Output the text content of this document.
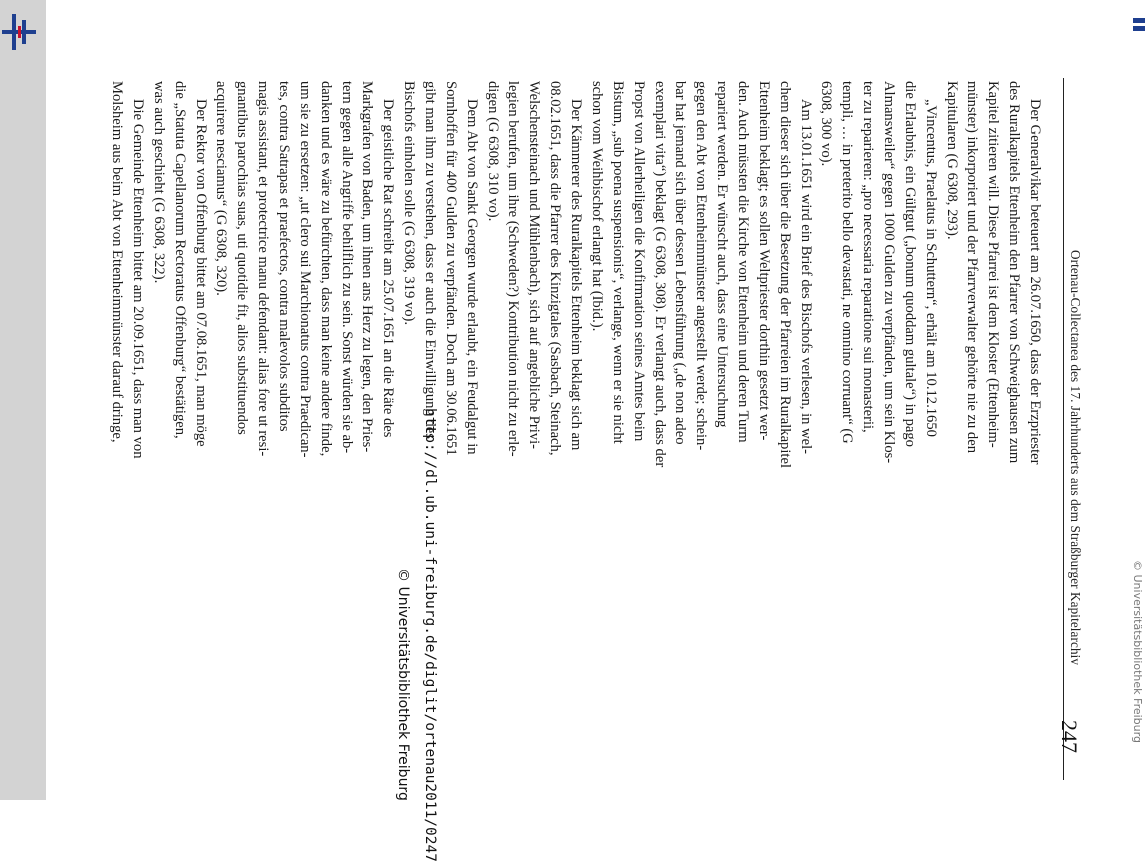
247
Ortenau-Collectanea des 17. Jahrhunderts aus dem Straßburger Kapitelarchiv
Der Generalvikar beteuert am 26.07.1650, dass der Erzpriester
des Ruralkapitels Ettenheim den Pfarrer von Schweighausen zum
Kapitel zitieren will. Diese Pfarrei ist dem Kloster (Ettenheim-
münster) inkorporiert und der Pfarrverwalter gehörte nie zu den
Kapitularen (G 6308, 293).
„Vincentus, Praelatus in Schuttern“, erhält am 10.12.1650
die Erlaubnis, ein Gültgut („bonum quoddam gultale“) in pago
Almansweiler“ gegen 1000 Gulden zu verpfänden, um sein Klos-
ter zu reparieren: „pro necessaria reparatione sui monasterii,
templi, … in preterito bello devastati, ne omnino corruant“ (G
6308, 300 vo).
Am 13.01.1651 wird ein Brief des Bischofs verlesen, in wel-
chem dieser sich über die Besetzung der Pfarreien im Ruralkapitel
Ettenheim beklagt; es sollen Weltpriester dorthin gesetzt wer-
den. Auch müssten die Kirche von Ettenheim und deren Turm
repariert werden. Er wünscht auch, dass eine Untersuchung
gegen den Abt von Ettenheimmünster angestellt werde; schein-
bar hat jemand sich über dessen Lebensführung („de non adeo
exemplari vita“) beklagt (G 6308, 308). Er verlangt auch, dass der
Propst von Allerheiligen die Konfirmation seines Amtes beim
Bistum, „sub poena suspensionis“, verlange, wenn er sie nicht
schon vom Weihbischof erlangt hat (Ibid.).
Der Kämmerer des Ruralkapitels Ettenheim beklagt sich am
08.02.1651, dass die Pfarrer des Kinzigtales (Sasbach, Steinach,
Welschensteinach und Mühlenbach), sich auf angebliche Privi-
legien berufen, um ihre (Schweden?) Kontribution nicht zu erle-
digen (G 6308, 310 vo).
Dem Abt von Sankt Georgen wurde erlaubt, ein Feudalgut in
Sornhoffen für 400 Gulden zu verpfänden. Doch am 30.06.1651
gibt man ihm zu verstehen, dass er auch die Einwilligung des
Bischofs einholen solle (G 6308, 319 vo).
Der geistliche Rat schreibt am 25.07.1651 an die Räte des
Markgrafen von Baden, um ihnen ans Herz zu legen, den Pries-
tern gegen alle Angriffe behilflich zu sein. Sonst würden sie ab-
danken und es wäre zu befürchten, dass man keine andere finde,
um sie zu ersetzen: „ut clero sui Marchionatus contra Praedican-
tes, contra Satrapas et praefectos, contra malevolos subditos
magis assistant, et protectrice manu defendant: alias fore ut resi-
gnantibus parochias suas, uti quotidie fit, alios substituendos
acquirere nesciamus“ (G 6308, 320).
Der Rektor von Offenburg bittet am 07.08.1651, man möge
die „Statuta Capellanorum Rectoratus Offenburg“ bestätigen,
was auch geschieht (G 6308, 322).
Die Gemeinde Ettenheim bittet am 20.09.1651, dass man von
Molsheim aus beim Abt von Ettenheimmünster darauf dringe,
http://dl.ub.uni-freiburg.de/diglit/ortenau2011/0247
© Universitätsbibliothek Freiburg	© Universitätsbibliothek Freiburg
